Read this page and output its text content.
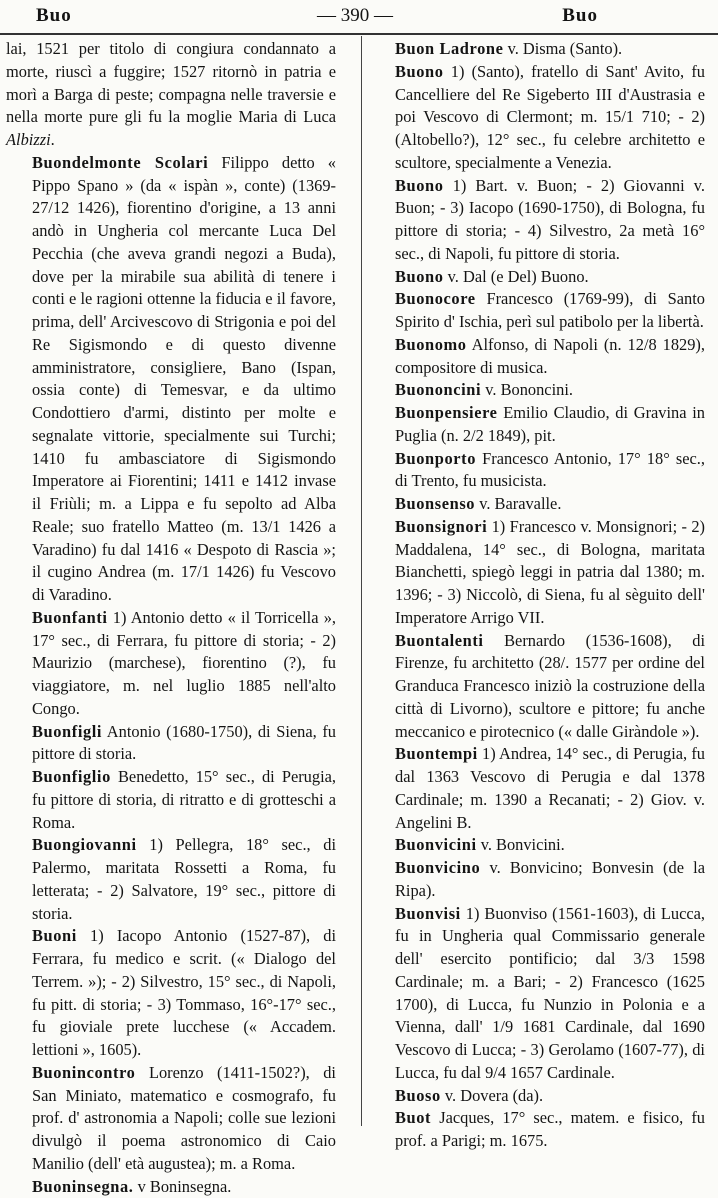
Buo	— 390 —	Buo

lai, 1521 per titolo di congiura condannato a morte, riuscì a fuggire; 1527 ritornò in patria e morì a Barga di peste; compagna nelle traversie e nella morte pure gli fu la moglie Maria di Luca Albizzi.

Buondelmonte Scolari Filippo detto « Pippo Spano » (da « ispàn », conte) (1369-27/12 1426), fiorentino d'origine, a 13 anni andò in Ungheria col mercante Luca Del Pecchia (che aveva grandi negozi a Buda), dove per la mirabile sua abilità di tenere i conti e le ragioni ottenne la fiducia e il favore, prima, dell' Arcivescovo di Strigonia e poi del Re Sigismondo e di questo divenne amministratore, consigliere, Bano (Ispan, ossia conte) di Temesvar, e da ultimo Condottiero d'armi, distinto per molte e segnalate vittorie, specialmente sui Turchi; 1410 fu ambasciatore di Sigismondo Imperatore ai Fiorentini; 1411 e 1412 invase il Friùli; m. a Lippa e fu sepolto ad Alba Reale; suo fratello Matteo (m. 13/1 1426 a Varadino) fu dal 1416 « Despoto di Rascia »; il cugino Andrea (m. 17/1 1426) fu Vescovo di Varadino.

Buonfanti 1) Antonio detto « il Torricella », 17° sec., di Ferrara, fu pittore di storia; - 2) Maurizio (marchese), fiorentino (?), fu viaggiatore, m. nel luglio 1885 nell'alto Congo.

Buonfigli Antonio (1680-1750), di Siena, fu pittore di storia.

Buonfiglio Benedetto, 15° sec., di Perugia, fu pittore di storia, di ritratto e di grotteschi a Roma.

Buongiovanni 1) Pellegra, 18° sec., di Palermo, maritata Rossetti a Roma, fu letterata; - 2) Salvatore, 19° sec., pittore di storia.

Buoni 1) Iacopo Antonio (1527-87), di Ferrara, fu medico e scrit. (« Dialogo del Terrem. »); - 2) Silvestro, 15° sec., di Napoli, fu pitt. di storia; - 3) Tommaso, 16°-17° sec., fu gioviale prete lucchese (« Accadem. lettioni », 1605).

Buonincontro Lorenzo (1411-1502?), di San Miniato, matematico e cosmografo, fu prof. d' astronomia a Napoli; colle sue lezioni divulgò il poema astronomico di Caio Manilio (dell' età augustea); m. a Roma.

Buoninsegna. v Boninsegna.

Buon Ladrone v. Disma (Santo).

Buono 1) (Santo), fratello di Sant' Avito, fu Cancelliere del Re Sigeberto III d'Austrasia e poi Vescovo di Clermont; m. 15/1 710; - 2) (Altobello?), 12° sec., fu celebre architetto e scultore, specialmente a Venezia.

Buono 1) Bart. v. Buon; - 2) Giovanni v. Buon; - 3) Iacopo (1690-1750), di Bologna, fu pittore di storia; - 4) Silvestro, 2a metà 16° sec., di Napoli, fu pittore di storia.

Buono v. Dal (e Del) Buono.

Buonocore Francesco (1769-99), di Santo Spirito d' Ischia, perì sul patibolo per la libertà.

Buonomo Alfonso, di Napoli (n. 12/8 1829), compositore di musica.

Buononcini v. Bononcini.

Buonpensiere Emilio Claudio, di Gravina in Puglia (n. 2/2 1849), pit.

Buonporto Francesco Antonio, 17° 18° sec., di Trento, fu musicista.

Buonsenso v. Baravalle.

Buonsignori 1) Francesco v. Monsignori; - 2) Maddalena, 14° sec., di Bologna, maritata Bianchetti, spiegò leggi in patria dal 1380; m. 1396; - 3) Niccolò, di Siena, fu al sèguito dell' Imperatore Arrigo VII.

Buontalenti Bernardo (1536-1608), di Firenze, fu architetto (28/. 1577 per ordine del Granduca Francesco iniziò la costruzione della città di Livorno), scultore e pittore; fu anche meccanico e pirotecnico (« dalle Giràndole »).

Buontempi 1) Andrea, 14° sec., di Perugia, fu dal 1363 Vescovo di Perugia e dal 1378 Cardinale; m. 1390 a Recanati; - 2) Giov. v. Angelini B.

Buonvicini v. Bonvicini.

Buonvicino v. Bonvicino; Bonvesin (de la Ripa).

Buonvisi 1) Buonviso (1561-1603), di Lucca, fu in Ungheria qual Commissario generale dell' esercito pontificio; dal 3/3 1598 Cardinale; m. a Bari; - 2) Francesco (1625 1700), di Lucca, fu Nunzio in Polonia e a Vienna, dall' 1/9 1681 Cardinale, dal 1690 Vescovo di Lucca; - 3) Gerolamo (1607-77), di Lucca, fu dal 9/4 1657 Cardinale.

Buoso v. Dovera (da).

Buot Jacques, 17° sec., matem. e fisico, fu prof. a Parigi; m. 1675.
